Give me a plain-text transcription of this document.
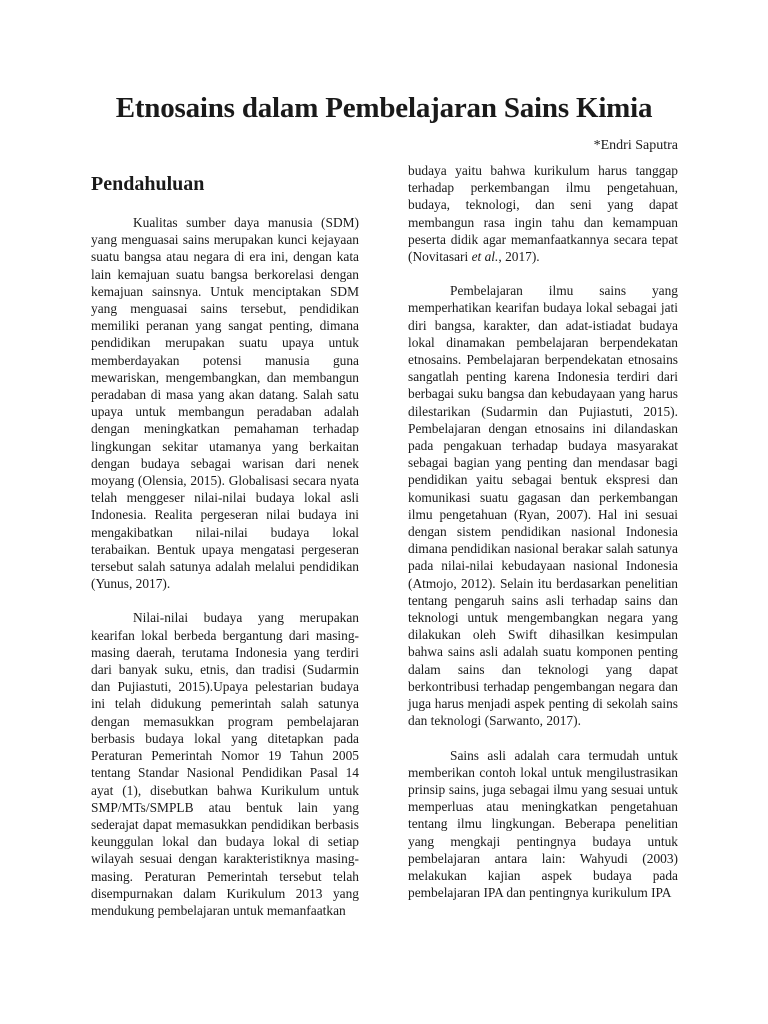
Etnosains dalam Pembelajaran Sains Kimia

*Endri Saputra

Pendahuluan

Kualitas sumber daya manusia (SDM) yang menguasai sains merupakan kunci kejayaan suatu bangsa atau negara di era ini, dengan kata lain kemajuan suatu bangsa berkorelasi dengan kemajuan sainsnya. Untuk menciptakan SDM yang menguasai sains tersebut, pendidikan memiliki peranan yang sangat penting, dimana pendidikan merupakan suatu upaya untuk memberdayakan potensi manusia guna mewariskan, mengembangkan, dan membangun peradaban di masa yang akan datang. Salah satu upaya untuk membangun peradaban adalah dengan meningkatkan pemahaman terhadap lingkungan sekitar utamanya yang berkaitan dengan budaya sebagai warisan dari nenek moyang (Olensia, 2015). Globalisasi secara nyata telah menggeser nilai-nilai budaya lokal asli Indonesia. Realita pergeseran nilai budaya ini mengakibatkan nilai-nilai budaya lokal terabaikan. Bentuk upaya mengatasi pergeseran tersebut salah satunya adalah melalui pendidikan (Yunus, 2017).

Nilai-nilai budaya yang merupakan kearifan lokal berbeda bergantung dari masing-masing daerah, terutama Indonesia yang terdiri dari banyak suku, etnis, dan tradisi (Sudarmin dan Pujiastuti, 2015).Upaya pelestarian budaya ini telah didukung pemerintah salah satunya dengan memasukkan program pembelajaran berbasis budaya lokal yang ditetapkan pada Peraturan Pemerintah Nomor 19 Tahun 2005 tentang Standar Nasional Pendidikan Pasal 14 ayat (1), disebutkan bahwa Kurikulum untuk SMP/MTs/SMPLB atau bentuk lain yang sederajat dapat memasukkan pendidikan berbasis keunggulan lokal dan budaya lokal di setiap wilayah sesuai dengan karakteristiknya masing-masing. Peraturan Pemerintah tersebut telah disempurnakan dalam Kurikulum 2013 yang mendukung pembelajaran untuk memanfaatkan

budaya yaitu bahwa kurikulum harus tanggap terhadap perkembangan ilmu pengetahuan, budaya, teknologi, dan seni yang dapat membangun rasa ingin tahu dan kemampuan peserta didik agar memanfaatkannya secara tepat (Novitasari et al., 2017).

Pembelajaran ilmu sains yang memperhatikan kearifan budaya lokal sebagai jati diri bangsa, karakter, dan adat-istiadat budaya lokal dinamakan pembelajaran berpendekatan etnosains. Pembelajaran berpendekatan etnosains sangatlah penting karena Indonesia terdiri dari berbagai suku bangsa dan kebudayaan yang harus dilestarikan (Sudarmin dan Pujiastuti, 2015). Pembelajaran dengan etnosains ini dilandaskan pada pengakuan terhadap budaya masyarakat sebagai bagian yang penting dan mendasar bagi pendidikan yaitu sebagai bentuk ekspresi dan komunikasi suatu gagasan dan perkembangan ilmu pengetahuan (Ryan, 2007). Hal ini sesuai dengan sistem pendidikan nasional Indonesia dimana pendidikan nasional berakar salah satunya pada nilai-nilai kebudayaan nasional Indonesia (Atmojo, 2012). Selain itu berdasarkan penelitian tentang pengaruh sains asli terhadap sains dan teknologi untuk mengembangkan negara yang dilakukan oleh Swift dihasilkan kesimpulan bahwa sains asli adalah suatu komponen penting dalam sains dan teknologi yang dapat berkontribusi terhadap pengembangan negara dan juga harus menjadi aspek penting di sekolah sains dan teknologi (Sarwanto, 2017).

Sains asli adalah cara termudah untuk memberikan contoh lokal untuk mengilustrasikan prinsip sains, juga sebagai ilmu yang sesuai untuk memperluas atau meningkatkan pengetahuan tentang ilmu lingkungan. Beberapa penelitian yang mengkaji pentingnya budaya untuk pembelajaran antara lain: Wahyudi (2003) melakukan kajian aspek budaya pada pembelajaran IPA dan pentingnya kurikulum IPA
